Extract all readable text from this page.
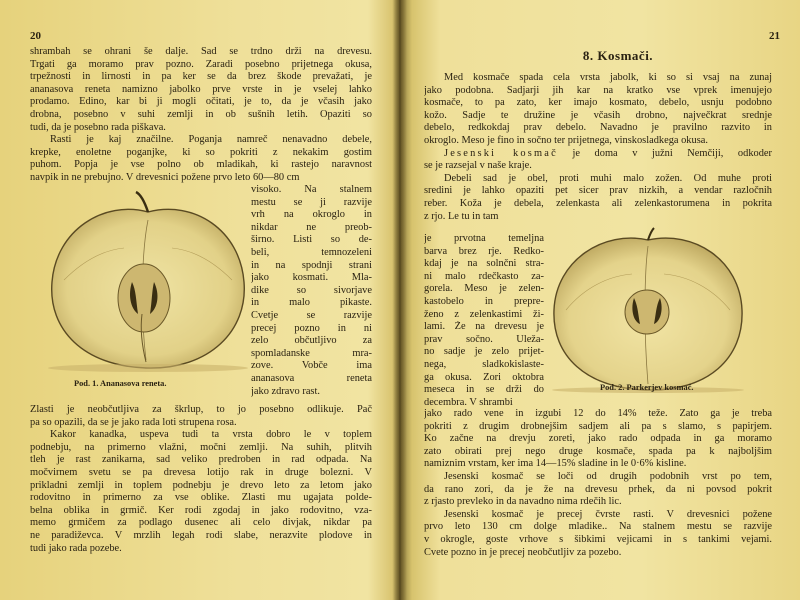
20
shrambah se ohrani še dalje. Sad se trdno drži na drevesu.
Trgati ga moramo prav pozno. Zaradi posebno prijetnega okusa,
trpežnosti in lirnosti in pa ker se da brez škode prevažati, je
ananasova reneta namizno jabolko prve vrste in je vselej lahko
prodamo. Edino, kar bi ji mogli očitati, je to, da je včasih jako
drobna, posebno v suhi zemlji in ob sušnih letih. Opaziti so
tudi, da je posebno rada piškava.
Rasti je kaj značilne. Poganja namreč nenavadno debele,
krepke, enoletne poganjke, ki so pokriti z nekakim gostim
puhom. Popja je vse polno ob mladikah, ki rastejo naravnost
navpik in ne prebujno. V drevesnici požene prvo leto 60—80 cm
Pod. 1. Ananasova reneta.
visoko. Na stalnem
mestu se ji razvije
vrh na okroglo in
nikdar ne preob-
širno. Listi so de-
beli, temnozeleni
in na spodnji strani
jako kosmati. Mla-
dike so sivorjave
in malo pikaste.
Cvetje se razvije
precej pozno in ni
zelo občutljivo za
spomladanske mra-
zove. Vobče ima
ananasova reneta
jako zdravo rast.
Zlasti je neobčutljiva za škrlup, to jo posebno odlikuje. Pač
pa so opazili, da se je jako rada loti strupena rosa.
Kakor kanadka, uspeva tudi ta vrsta dobro le v toplem
podnebju, na primerno vlažni, močni zemlji. Na suhih, plitvih
tleh je rast zanikarna, sad veliko predroben in rad odpada. Na
močvirnem svetu se pa drevesa lotijo rak in druge bolezni. V
prikladni zemlji in toplem podnebju je drevo leto za letom jako
rodovitno in primerno za vse oblike. Zlasti mu ugajata polde-
belna oblika in grmič. Ker rodi zgodaj in jako rodovitno, vza-
memo grmičem za podlago dusenec ali celo divjak, nikdar pa
ne paradiževca. V mrzlih legah rodi slabe, nerazvite plodove in
tudi jako rada pozebe.
21
8. Kosmači.
Med kosmače spada cela vrsta jabolk, ki so si vsaj na zunaj
jako podobna. Sadjarji jih kar na kratko vse vprek imenujejo
kosmače, to pa zato, ker imajo kosmato, debelo, usnju podobno
kožo. Sadje te družine je včasih drobno, največkrat srednje
debelo, redkokdaj prav debelo. Navadno je pravilno razvito in
okroglo. Meso je fino in sočno ter prijetnega, vinskosladkega okusa.
Jesenski kosmač je doma v južni Nemčiji, odkoder
se je razsejal v naše kraje.
Debeli sad je obel, proti muhi malo zožen. Od muhe proti
sredini je lahko opaziti pet sicer prav nizkih, a vendar razločnih
reber. Koža je debela, zelenkasta ali zelenkastorumena in pokrita
z rjo. Le tu in tam
je prvotna temeljna
barva brez rje. Redko-
kdaj je na solnčni stra-
ni malo rdečkasto za-
gorela. Meso je zelen-
kastobelo in prepre-
ženo z zelenkastimi ži-
lami. Že na drevesu je
prav sočno. Uleža-
no sadje je zelo prijet-
nega, sladkokislaste-
ga okusa. Zori oktobra
meseca in se drži do
decembra. V shrambi
Pod. 2. Parkerjev kosmač.
jako rado vene in izgubi 12 do 14% teže. Zato ga je treba
pokriti z drugim drobnejšim sadjem ali pa s slamo, s papirjem.
Ko začne na drevju zoreti, jako rado odpada in ga moramo
zato obirati prej nego druge kosmače, spada pa k najboljšim
namiznim vrstam, ker ima 14—15% sladine in le 0·6% kisline.
Jesenski kosmač se loči od drugih podobnih vrst po tem,
da rano zori, da je že na drevesu prhek, da ni povsod pokrit
z rjasto prevleko in da navadno nima rdečih lic.
Jesenski kosmač je precej čvrste rasti. V drevesnici požene
prvo leto 130 cm dolge mladike.. Na stalnem mestu se razvije
v okrogle, goste vrhove s šibkimi vejicami in s tankimi vejami.
Cvete pozno in je precej neobčutljiv za pozebo.
